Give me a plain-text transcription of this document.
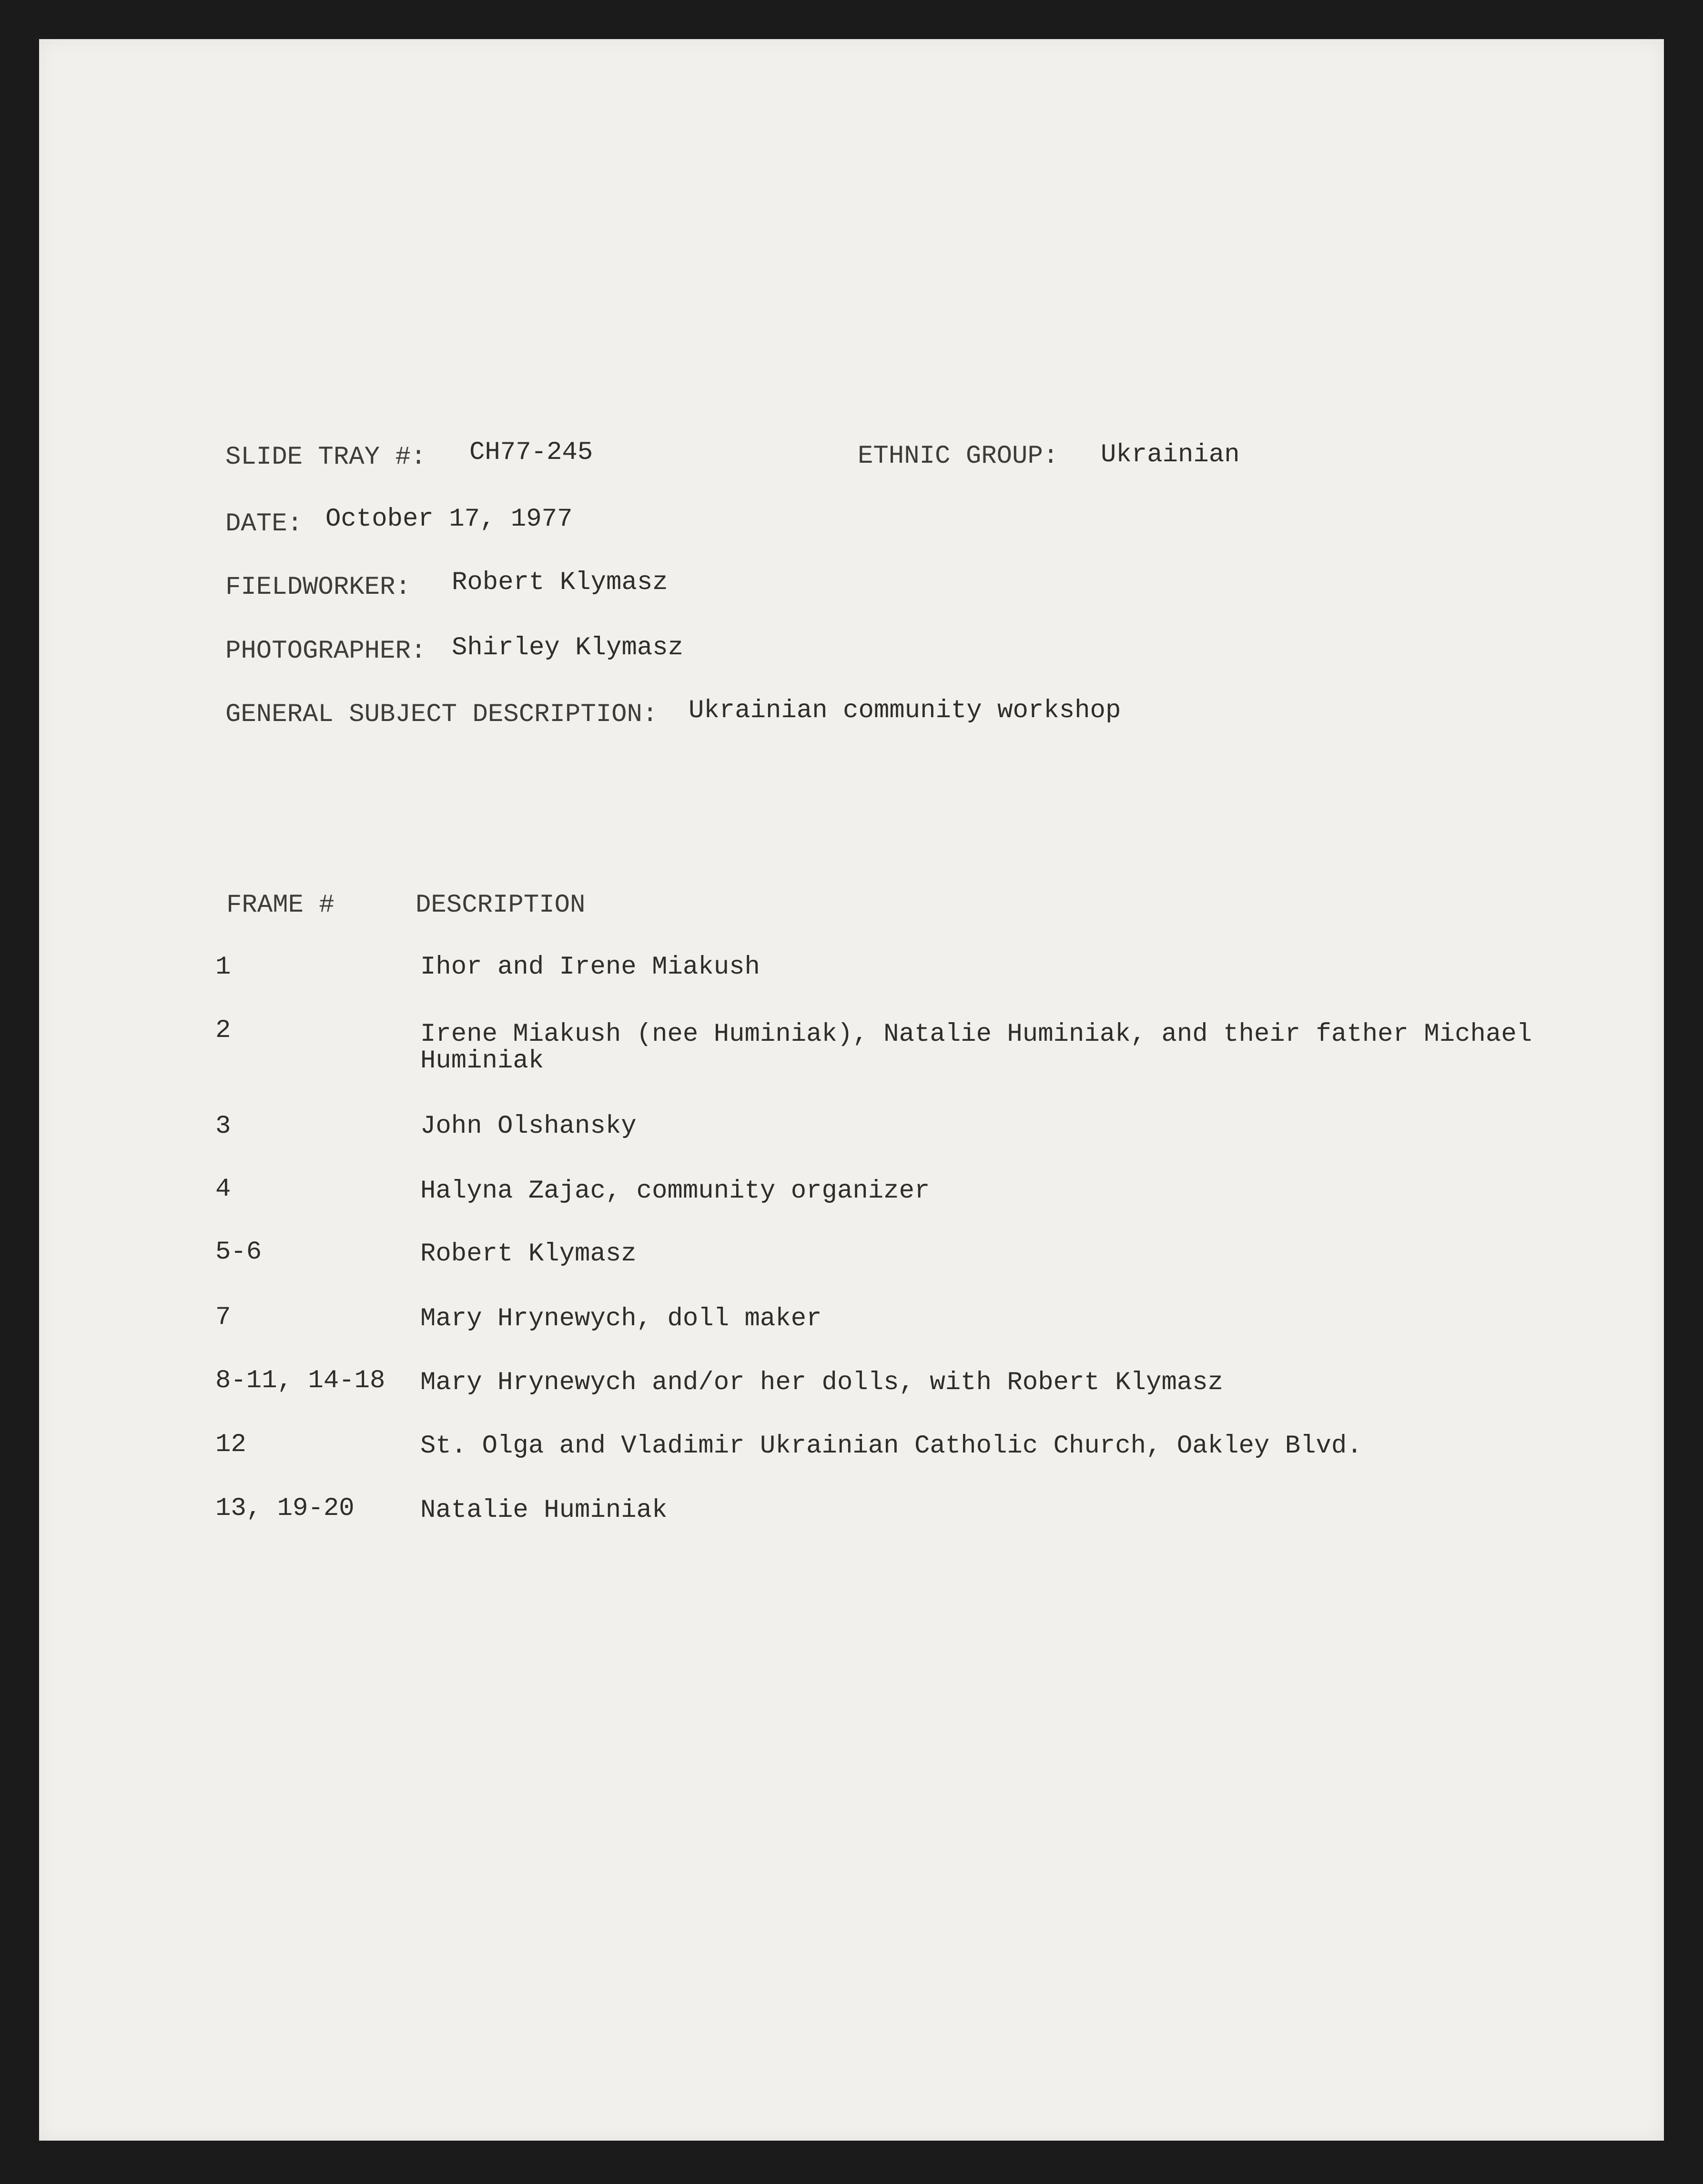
SLIDE TRAY #: CH77-245	ETHNIC GROUP: Ukrainian
DATE: October 17, 1977
FIELDWORKER: Robert Klymasz
PHOTOGRAPHER: Shirley Klymasz
GENERAL SUBJECT DESCRIPTION: Ukrainian community workshop
FRAME #	DESCRIPTION
1	Ihor and Irene Miakush
2	Irene Miakush (nee Huminiak), Natalie Huminiak, and their father Michael
Huminiak
3	John Olshansky
4	Halyna Zajac, community organizer
5-6	Robert Klymasz
7	Mary Hrynewych, doll maker
8-11, 14-18 Mary Hrynewych and/or her dolls, with Robert Klymasz
12	St. Olga and Vladimir Ukrainian Catholic Church, Oakley Blvd.
13, 19-20	Natalie Huminiak
